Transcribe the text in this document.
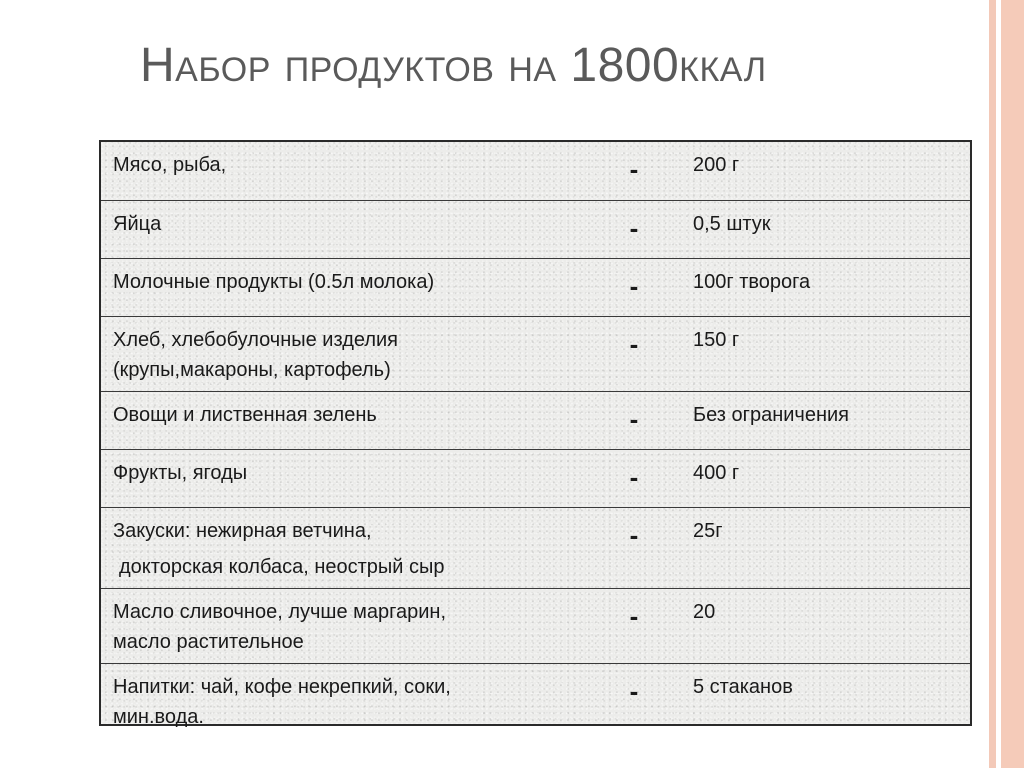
Набор продуктов на 1800ккал
Мясо, рыба,	-	200 г

Яйца	-	0,5 штук

Молочные продукты (0.5л молока)	-	100г творога

Хлеб, хлебобулочные изделия
(крупы,макароны, картофель)	-	150 г

Овощи и лиственная зелень	-	Без ограничения

Фрукты, ягоды	-	400 г

Закуски: нежирная ветчина,
докторская колбаса, неострый сыр	-	25г

Масло сливочное, лучше маргарин,
масло растительное	-	20

Напитки: чай, кофе некрепкий, соки,
мин.вода.	-	5 стаканов
